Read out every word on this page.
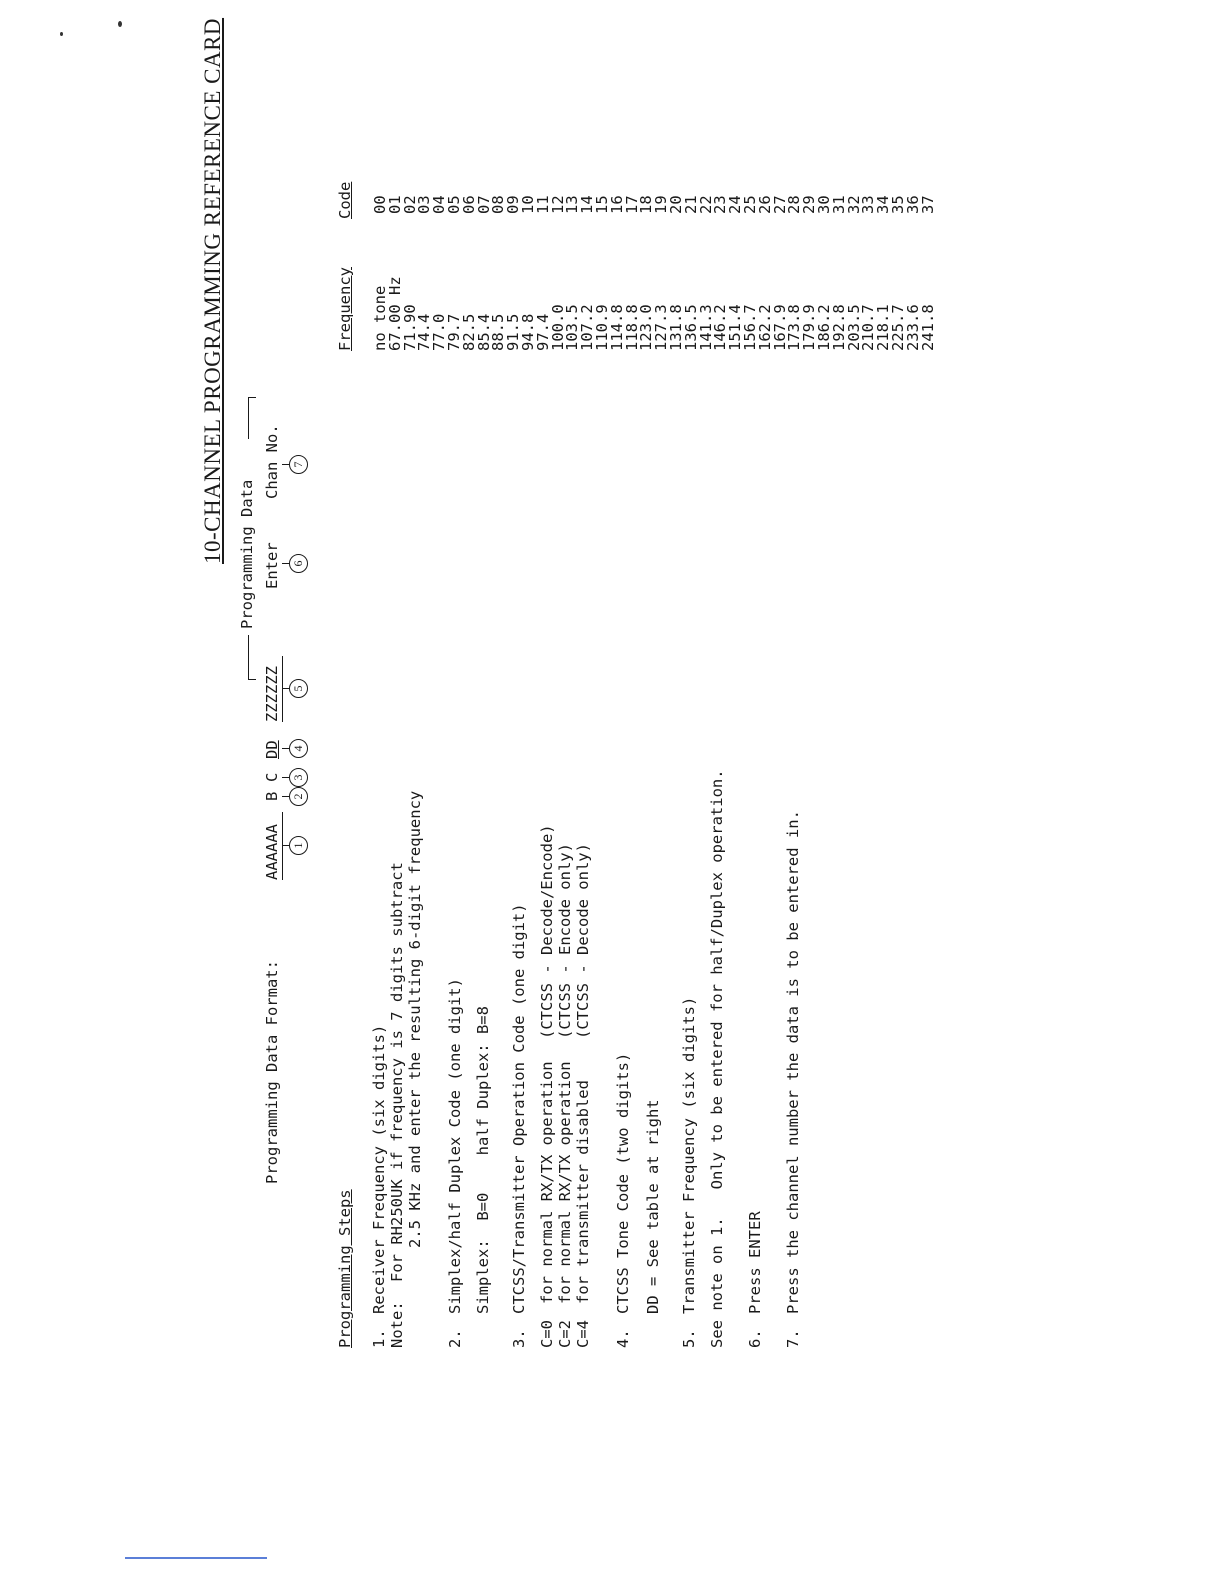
10-CHANNEL PROGRAMMING REFERENCE CARD
Programming Data Format:
Programming Data
AAAAAA 1
B 2
C 3
DD 4
ZZZZZZ 5
Enter 6
Chan No. 7
Programming Steps 1.
Receiver Frequency (six digits)
Note:
For RH250UK if frequency is 7 digits subtract 2.5 KHz and enter the resulting 6-digit frequency
2.
Simplex/half Duplex Code (one digit) Simplex:  B=0    half Duplex: B=8
3.
CTCSS/Transmitter Operation Code (one digit)
C=0
for normal RX/TX operation
(CTCSS - Decode/Encode)
C=2
for normal RX/TX operation
(CTCSS - Encode only)
C=4
for transmitter disabled
(CTCSS - Decode only)
4.
CTCSS Tone Code (two digits) DD = See table at right
5.
Transmitter Frequency (six digits) See note on 1.   Only to be entered for half/Duplex operation. 6.
Press ENTER
7.
Press the channel number the data is to be entered in.
Frequency
Code
no tone
00
67.00 Hz
01
71.90
02
74.4
03
77.0
04
79.7
05
82.5
06
85.4
07
88.5
08
91.5
09
94.8
10
97.4
11
100.0
12
103.5
13
107.2
14
110.9
15
114.8
16
118.8
17
123.0
18
127.3
19
131.8
20
136.5
21
141.3
22
146.2
23
151.4
24
156.7
25
162.2
26
167.9
27
173.8
28
179.9
29
186.2
30
192.8
31
203.5
32
210.7
33
218.1
34
225.7
35
233.6
36
241.8
37
